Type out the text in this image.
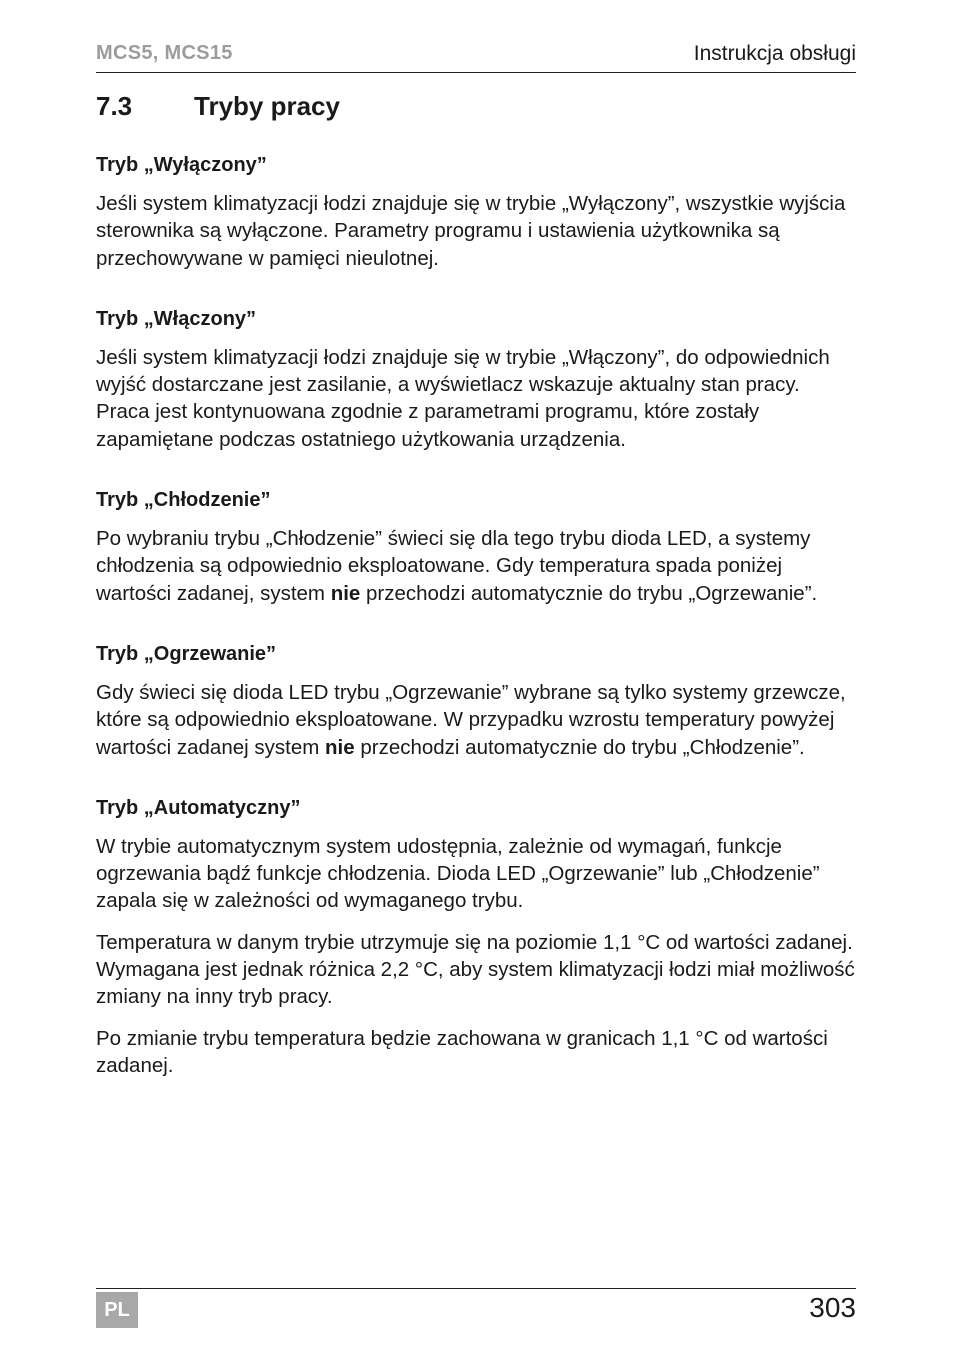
MCS5, MCS15	Instrukcja obsługi
7.3 Tryby pracy
Tryb „Wyłączony”

Jeśli system klimatyzacji łodzi znajduje się w trybie „Wyłączony”, wszystkie wyjścia sterownika są wyłączone. Parametry programu i ustawienia użytkownika są przechowywane w pamięci nieulotnej.

Tryb „Włączony”

Jeśli system klimatyzacji łodzi znajduje się w trybie „Włączony”, do odpowiednich wyjść dostarczane jest zasilanie, a wyświetlacz wskazuje aktualny stan pracy. Praca jest kontynuowana zgodnie z parametrami programu, które zostały zapamiętane podczas ostatniego użytkowania urządzenia.

Tryb „Chłodzenie”

Po wybraniu trybu „Chłodzenie” świeci się dla tego trybu dioda LED, a systemy chłodzenia są odpowiednio eksploatowane. Gdy temperatura spada poniżej wartości zadanej, system nie przechodzi automatycznie do trybu „Ogrzewanie”.

Tryb „Ogrzewanie”

Gdy świeci się dioda LED trybu „Ogrzewanie” wybrane są tylko systemy grzewcze, które są odpowiednio eksploatowane. W przypadku wzrostu temperatury powyżej wartości zadanej system nie przechodzi automatycznie do trybu „Chłodzenie”.

Tryb „Automatyczny”

W trybie automatycznym system udostępnia, zależnie od wymagań, funkcje ogrzewania bądź funkcje chłodzenia. Dioda LED „Ogrzewanie” lub „Chłodzenie” zapala się w zależności od wymaganego trybu.

Temperatura w danym trybie utrzymuje się na poziomie 1,1 °C od wartości zadanej. Wymagana jest jednak różnica 2,2 °C, aby system klimatyzacji łodzi miał możliwość zmiany na inny tryb pracy.

Po zmianie trybu temperatura będzie zachowana w granicach 1,1 °C od wartości zadanej.

PL	303
